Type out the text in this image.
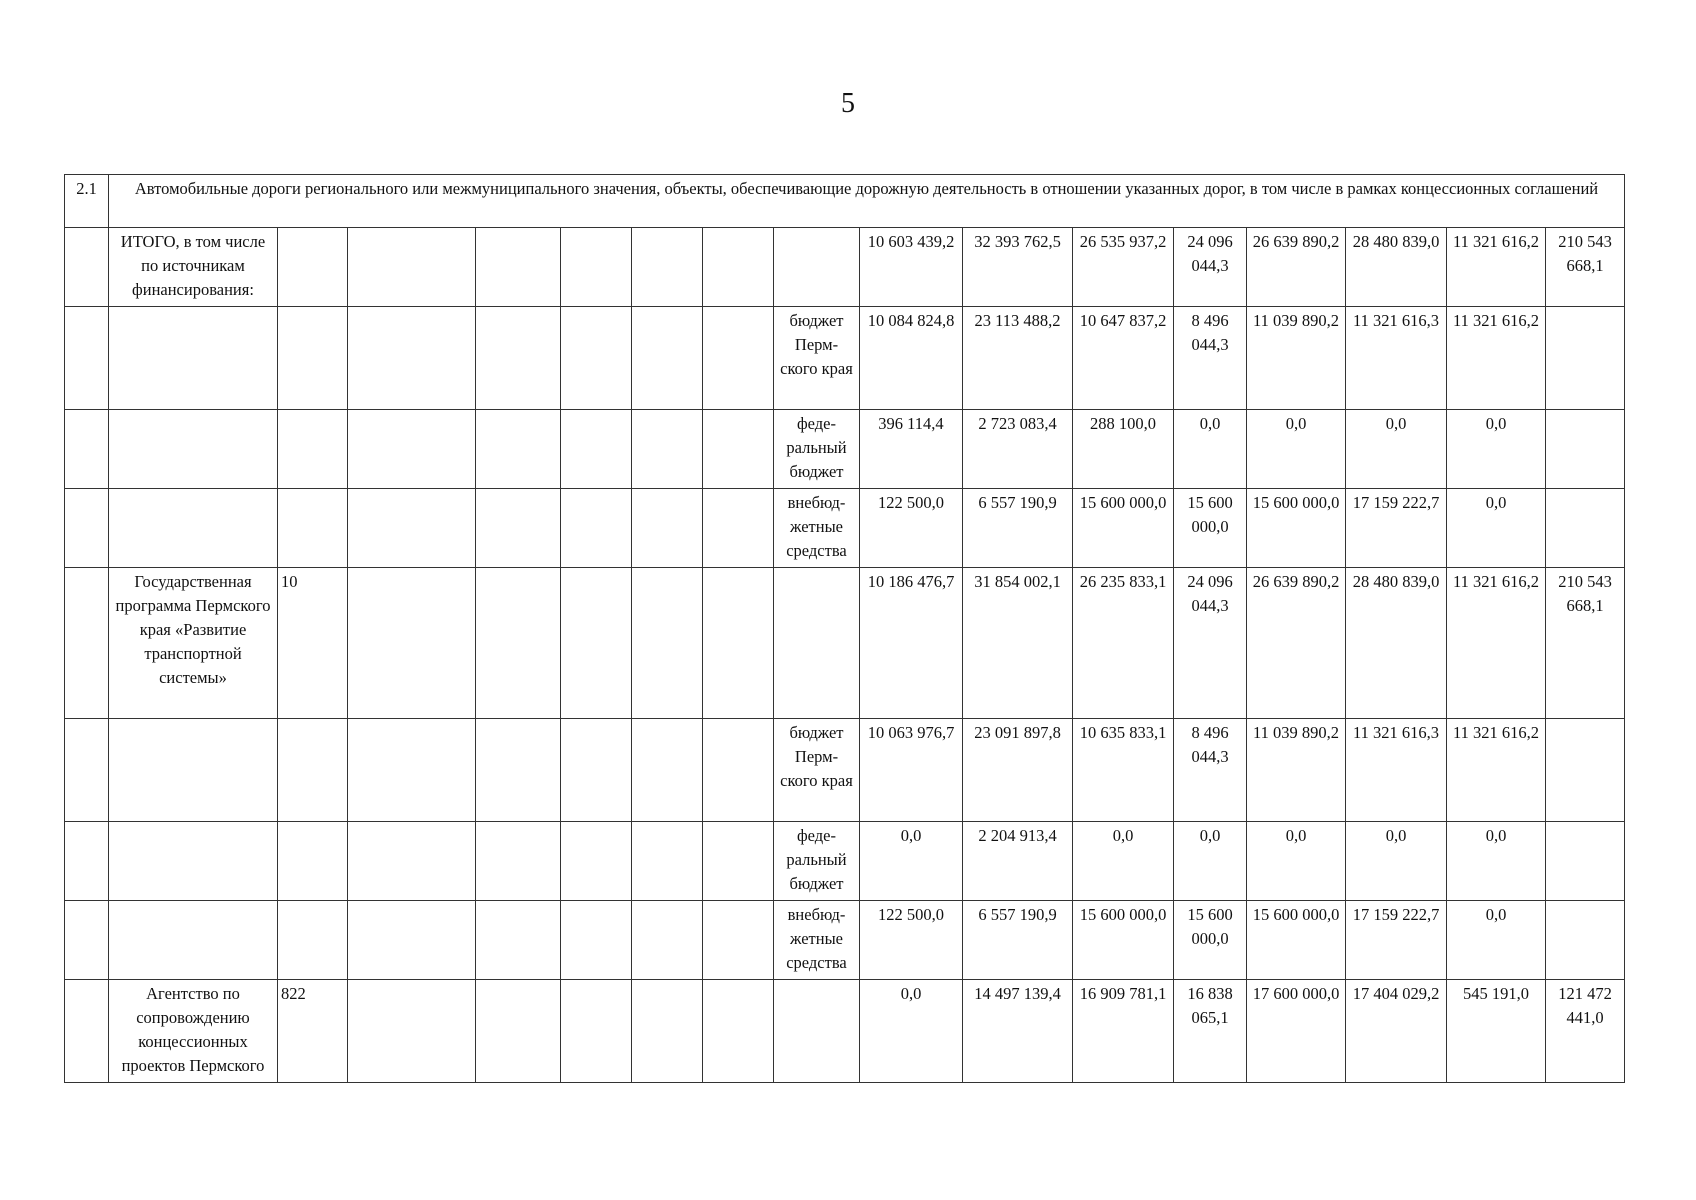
5
2.1	Автомобильные дороги регионального или межмуниципального значения, объекты, обеспечивающие дорожную деятельность в отношении указанных дорог, в том числе в рамках концессионных соглашений															
	ИТОГО, в том числе по источникам финансирования:								10 603 439,2	32 393 762,5	26 535 937,2	24 096 044,3	26 639 890,2	28 480 839,0	11 321 616,2	210 543 668,1
								бюджет Перм-ского края	10 084 824,8	23 113 488,2	10 647 837,2	8 496 044,3	11 039 890,2	11 321 616,3	11 321 616,2	
								феде-ральный бюджет	396 114,4	2 723 083,4	288 100,0	0,0	0,0	0,0	0,0	
								внебюд-жетные средства	122 500,0	6 557 190,9	15 600 000,0	15 600 000,0	15 600 000,0	17 159 222,7	0,0	
	Государственная программа Пермского края «Развитие транспортной системы»	10							10 186 476,7	31 854 002,1	26 235 833,1	24 096 044,3	26 639 890,2	28 480 839,0	11 321 616,2	210 543 668,1
								бюджет Перм-ского края	10 063 976,7	23 091 897,8	10 635 833,1	8 496 044,3	11 039 890,2	11 321 616,3	11 321 616,2	
								феде-ральный бюджет	0,0	2 204 913,4	0,0	0,0	0,0	0,0	0,0	
								внебюд-жетные средства	122 500,0	6 557 190,9	15 600 000,0	15 600 000,0	15 600 000,0	17 159 222,7	0,0	
	Агентство по сопровождению концессионных проектов Пермского	822							0,0	14 497 139,4	16 909 781,1	16 838 065,1	17 600 000,0	17 404 029,2	545 191,0	121 472 441,0
